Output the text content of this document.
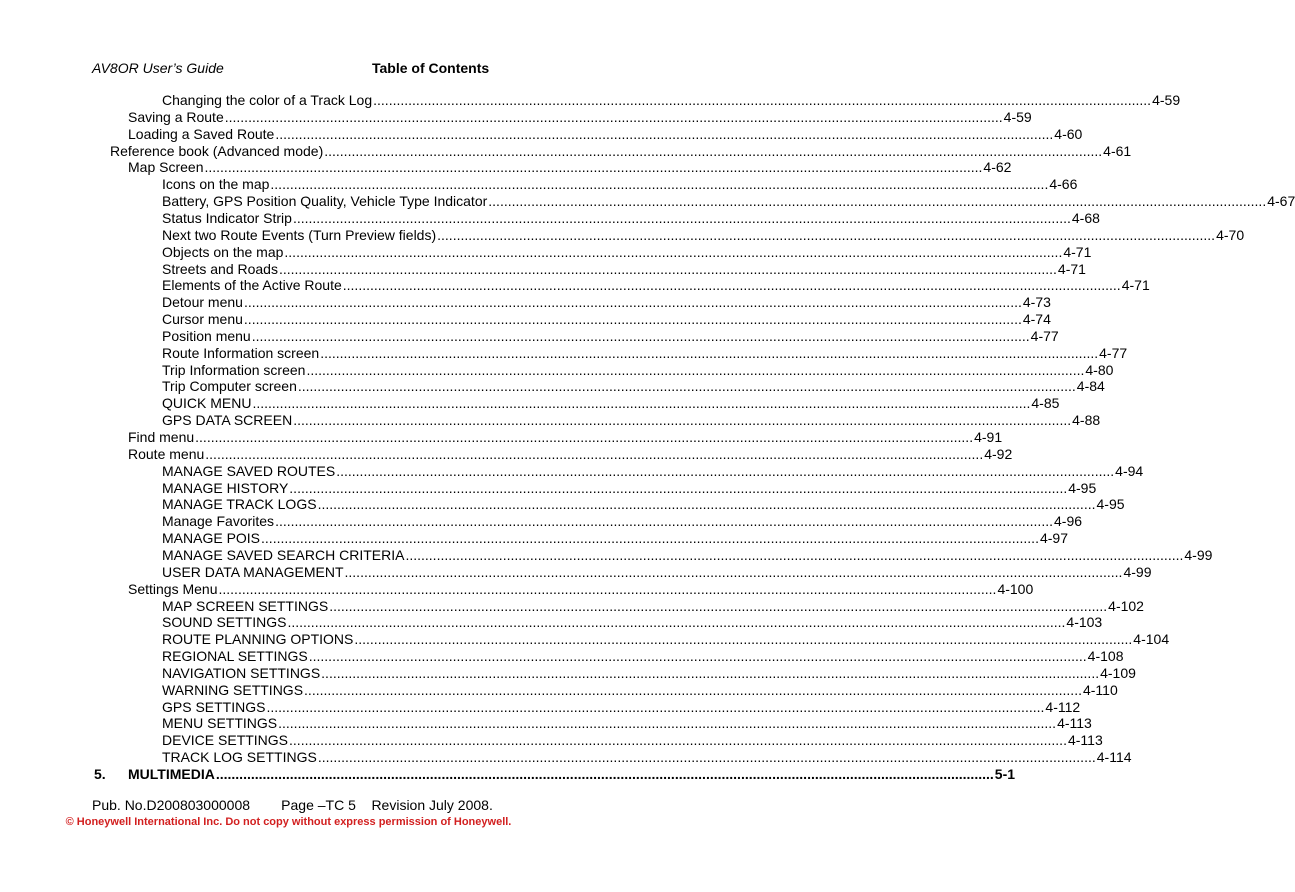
AV8OR User’s Guide	Table of Contents
Changing the color of a Track Log ........................................................................................................................................................................................................ 4-59
Saving a Route ........................................................................................................................................................................................................ 4-59
Loading a Saved Route ........................................................................................................................................................................................................ 4-60
Reference book (Advanced mode) ........................................................................................................................................................................................................ 4-61
Map Screen ........................................................................................................................................................................................................ 4-62
Icons on the map ........................................................................................................................................................................................................ 4-66
Battery, GPS Position Quality, Vehicle Type Indicator ........................................................................................................................................................................................................ 4-67
Status Indicator Strip ........................................................................................................................................................................................................ 4-68
Next two Route Events (Turn Preview fields) ........................................................................................................................................................................................................ 4-70
Objects on the map ........................................................................................................................................................................................................ 4-71
Streets and Roads ........................................................................................................................................................................................................ 4-71
Elements of the Active Route ........................................................................................................................................................................................................ 4-71
Detour menu ........................................................................................................................................................................................................ 4-73
Cursor menu ........................................................................................................................................................................................................ 4-74
Position menu ........................................................................................................................................................................................................ 4-77
Route Information screen ........................................................................................................................................................................................................ 4-77
Trip Information screen ........................................................................................................................................................................................................ 4-80
Trip Computer screen ........................................................................................................................................................................................................ 4-84
QUICK MENU ........................................................................................................................................................................................................ 4-85
GPS DATA SCREEN ........................................................................................................................................................................................................ 4-88
Find menu ........................................................................................................................................................................................................ 4-91
Route menu ........................................................................................................................................................................................................ 4-92
MANAGE SAVED ROUTES ........................................................................................................................................................................................................ 4-94
MANAGE HISTORY ........................................................................................................................................................................................................ 4-95
MANAGE TRACK LOGS ........................................................................................................................................................................................................ 4-95
Manage Favorites ........................................................................................................................................................................................................ 4-96
MANAGE POIS ........................................................................................................................................................................................................ 4-97
MANAGE SAVED SEARCH CRITERIA ........................................................................................................................................................................................................ 4-99
USER DATA MANAGEMENT ........................................................................................................................................................................................................ 4-99
Settings Menu ........................................................................................................................................................................................................ 4-100
MAP SCREEN SETTINGS ........................................................................................................................................................................................................ 4-102
SOUND SETTINGS ........................................................................................................................................................................................................ 4-103
ROUTE PLANNING OPTIONS ........................................................................................................................................................................................................ 4-104
REGIONAL SETTINGS ........................................................................................................................................................................................................ 4-108
NAVIGATION SETTINGS ........................................................................................................................................................................................................ 4-109
WARNING SETTINGS ........................................................................................................................................................................................................ 4-110
GPS SETTINGS ........................................................................................................................................................................................................ 4-112
MENU SETTINGS ........................................................................................................................................................................................................ 4-113
DEVICE SETTINGS ........................................................................................................................................................................................................ 4-113
TRACK LOG SETTINGS ........................................................................................................................................................................................................ 4-114
5. MULTIMEDIA ........................................................................................................................................................................................................ 5-1
Pub. No.D200803000008 Page –TC 5 Revision July 2008.
© Honeywell International Inc. Do not copy without express permission of Honeywell.
